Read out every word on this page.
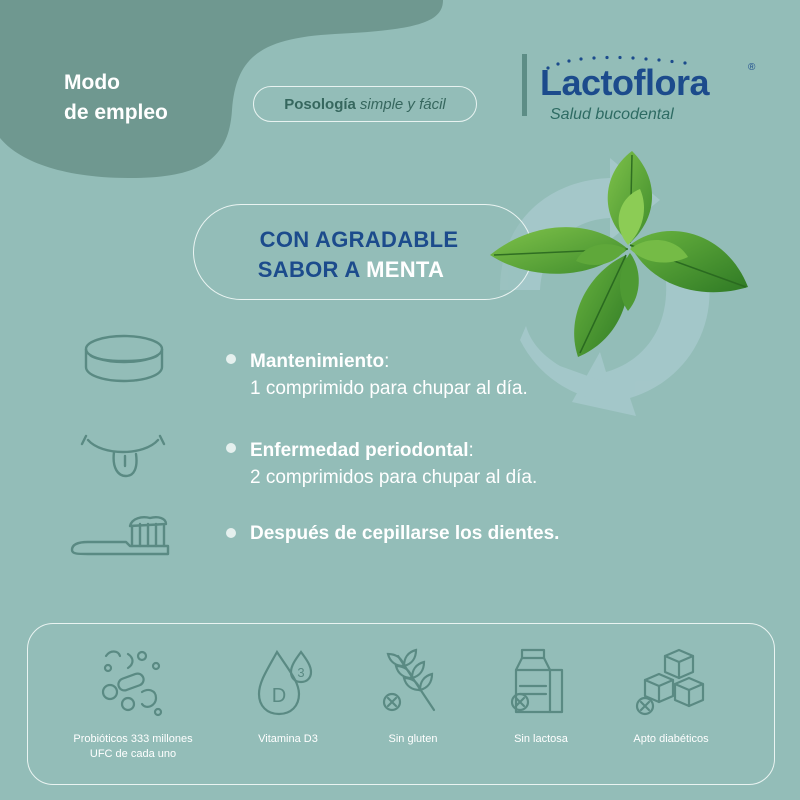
Modo
de empleo	Posología simple y fácil
Lactoflora	®
Salud bucodental
CON AGRADABLE
SABOR A MENTA
Mantenimiento:
1 comprimido para chupar al día.
Enfermedad periodontal:
2 comprimidos para chupar al día.
Después de cepillarse los dientes.
Probióticos 333 millones
UFC de cada uno
D
3
Vitamina D3	Sin gluten	Sin lactosa	Apto diabéticos
